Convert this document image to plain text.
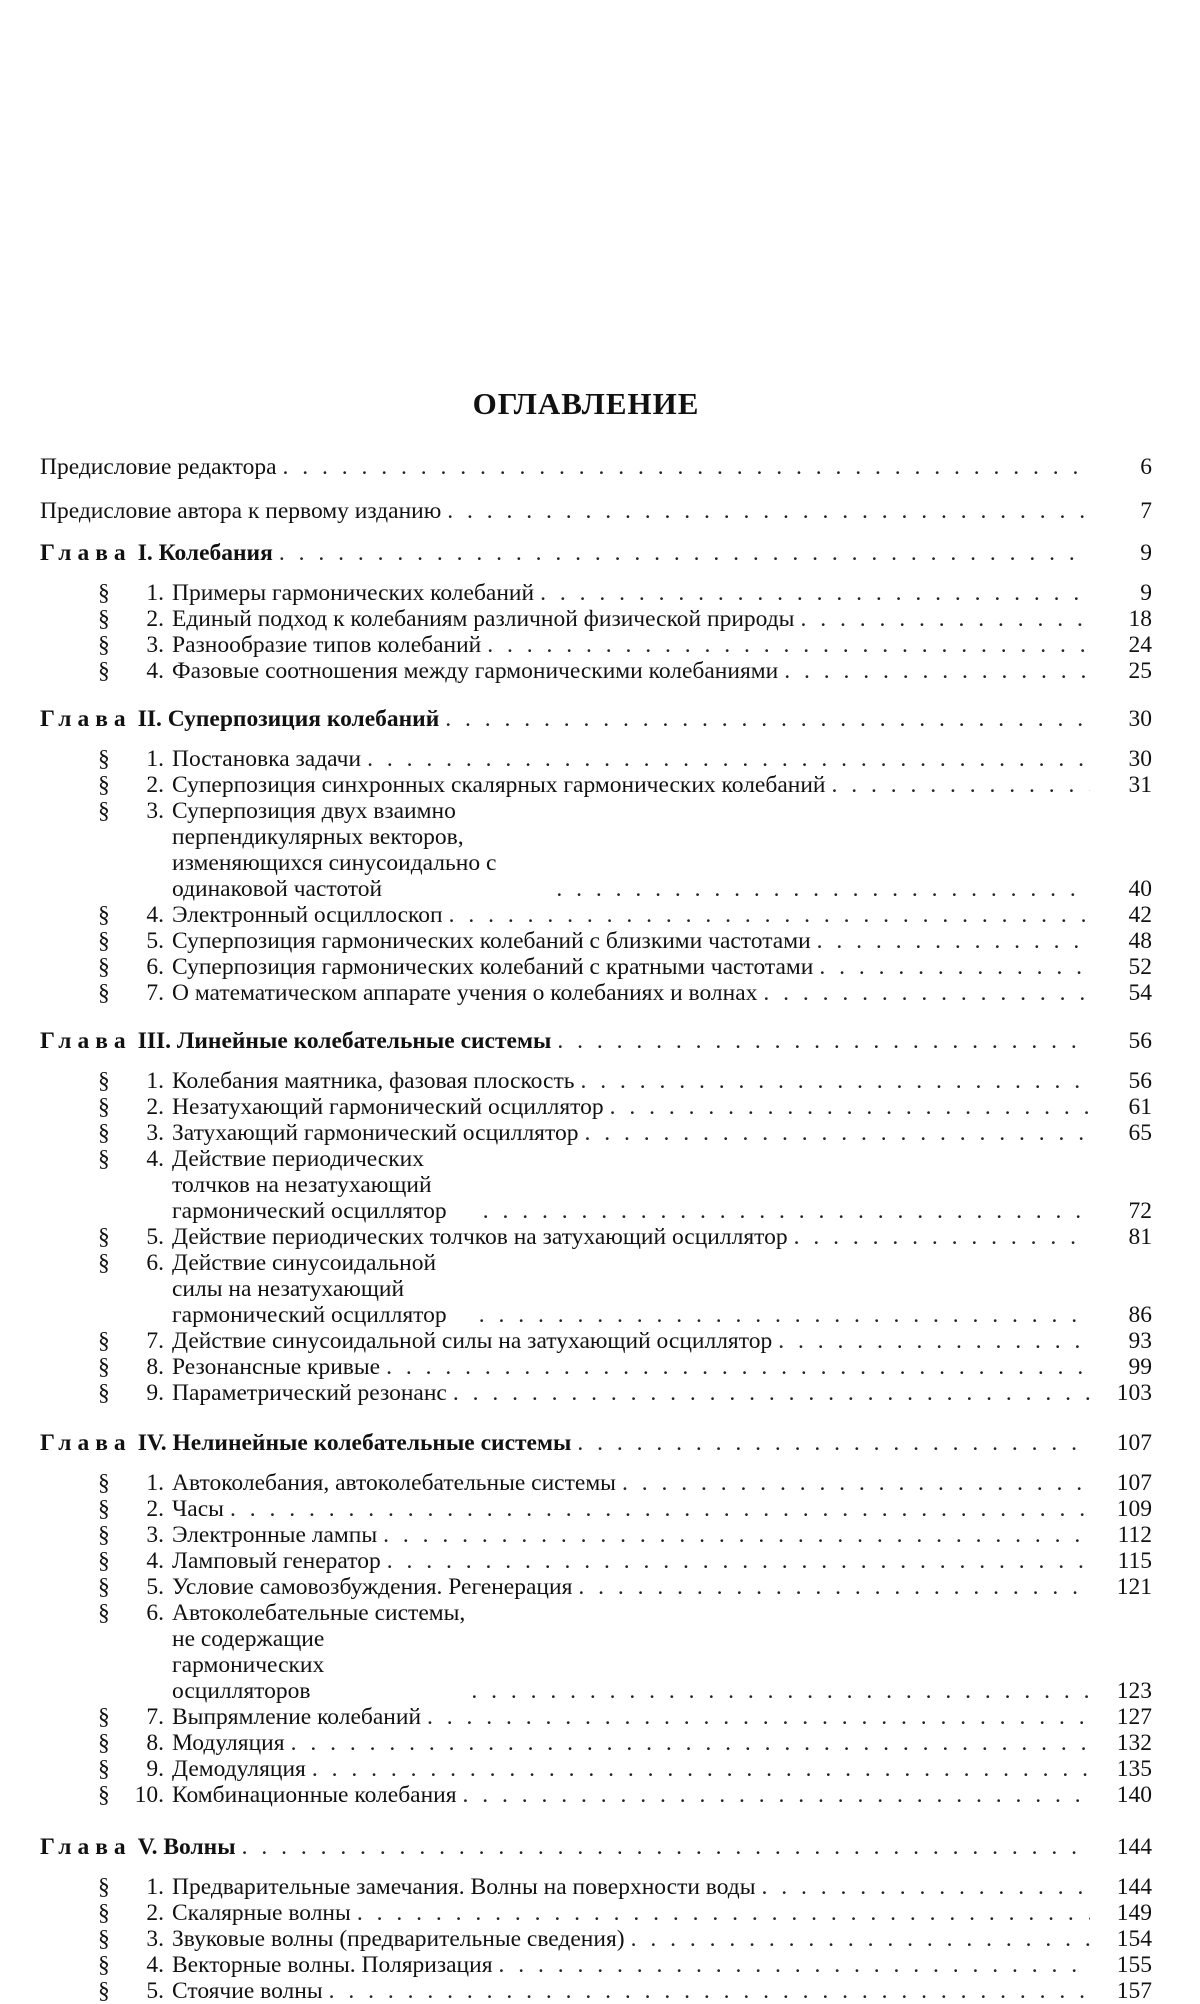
ОГЛАВЛЕНИЕ
Предисловие редактора . . .	6
Предисловие автора к первому изданию . . .	7
Глава I. Колебания . . .	9
§	1. Примеры гармонических колебаний . . .	9
§	2. Единый подход к колебаниям различной физической природы . . .	18
§	3. Разнообразие типов колебаний . . .	24
§	4. Фазовые соотношения между гармоническими колебаниями . . .	25
Глава II. Суперпозиция колебаний . . .	30
§	1. Постановка задачи . . .	30
§	2. Суперпозиция синхронных скалярных гармонических колебаний . . .	31
§	3. Суперпозиция двух взаимно перпендикулярных векторов, изменяющихся синусоидально с одинаковой частотой . . .	40
§	4. Электронный осциллоскоп . . .	42
§	5. Суперпозиция гармонических колебаний с близкими частотами . . .	48
§	6. Суперпозиция гармонических колебаний с кратными частотами . . .	52
§	7. О математическом аппарате учения о колебаниях и волнах . . .	54
Глава III. Линейные колебательные системы . . .	56
§	1. Колебания маятника, фазовая плоскость . . .	56
§	2. Незатухающий гармонический осциллятор . . .	61
§	3. Затухающий гармонический осциллятор . . .	65
§	4. Действие периодических толчков на незатухающий гармонический осциллятор . . .	72
§	5. Действие периодических толчков на затухающий осциллятор . . .	81
§	6. Действие синусоидальной силы на незатухающий гармонический осциллятор . . .	86
§	7. Действие синусоидальной силы на затухающий осциллятор . . .	93
§	8. Резонансные кривые . . .	99
§	9. Параметрический резонанс . . .	103
Глава IV. Нелинейные колебательные системы . . .	107
§	1. Автоколебания, автоколебательные системы . . .	107
§	2. Часы . . .	109
§	3. Электронные лампы . . .	112
§	4. Ламповый генератор . . .	115
§	5. Условие самовозбуждения. Регенерация . . .	121
§	6. Автоколебательные системы, не содержащие гармонических осцилляторов . . .	123
§	7. Выпрямление колебаний . . .	127
§	8. Модуляция . . .	132
§	9. Демодуляция . . .	135
§	10. Комбинационные колебания . . .	140
Глава V. Волны . . .	144
§	1. Предварительные замечания. Волны на поверхности воды . . .	144
§	2. Скалярные волны . . .	149
§	3. Звуковые волны (предварительные сведения) . . .	154
§	4. Векторные волны. Поляризация . . .	155
§	5. Стоячие волны . . .	157
